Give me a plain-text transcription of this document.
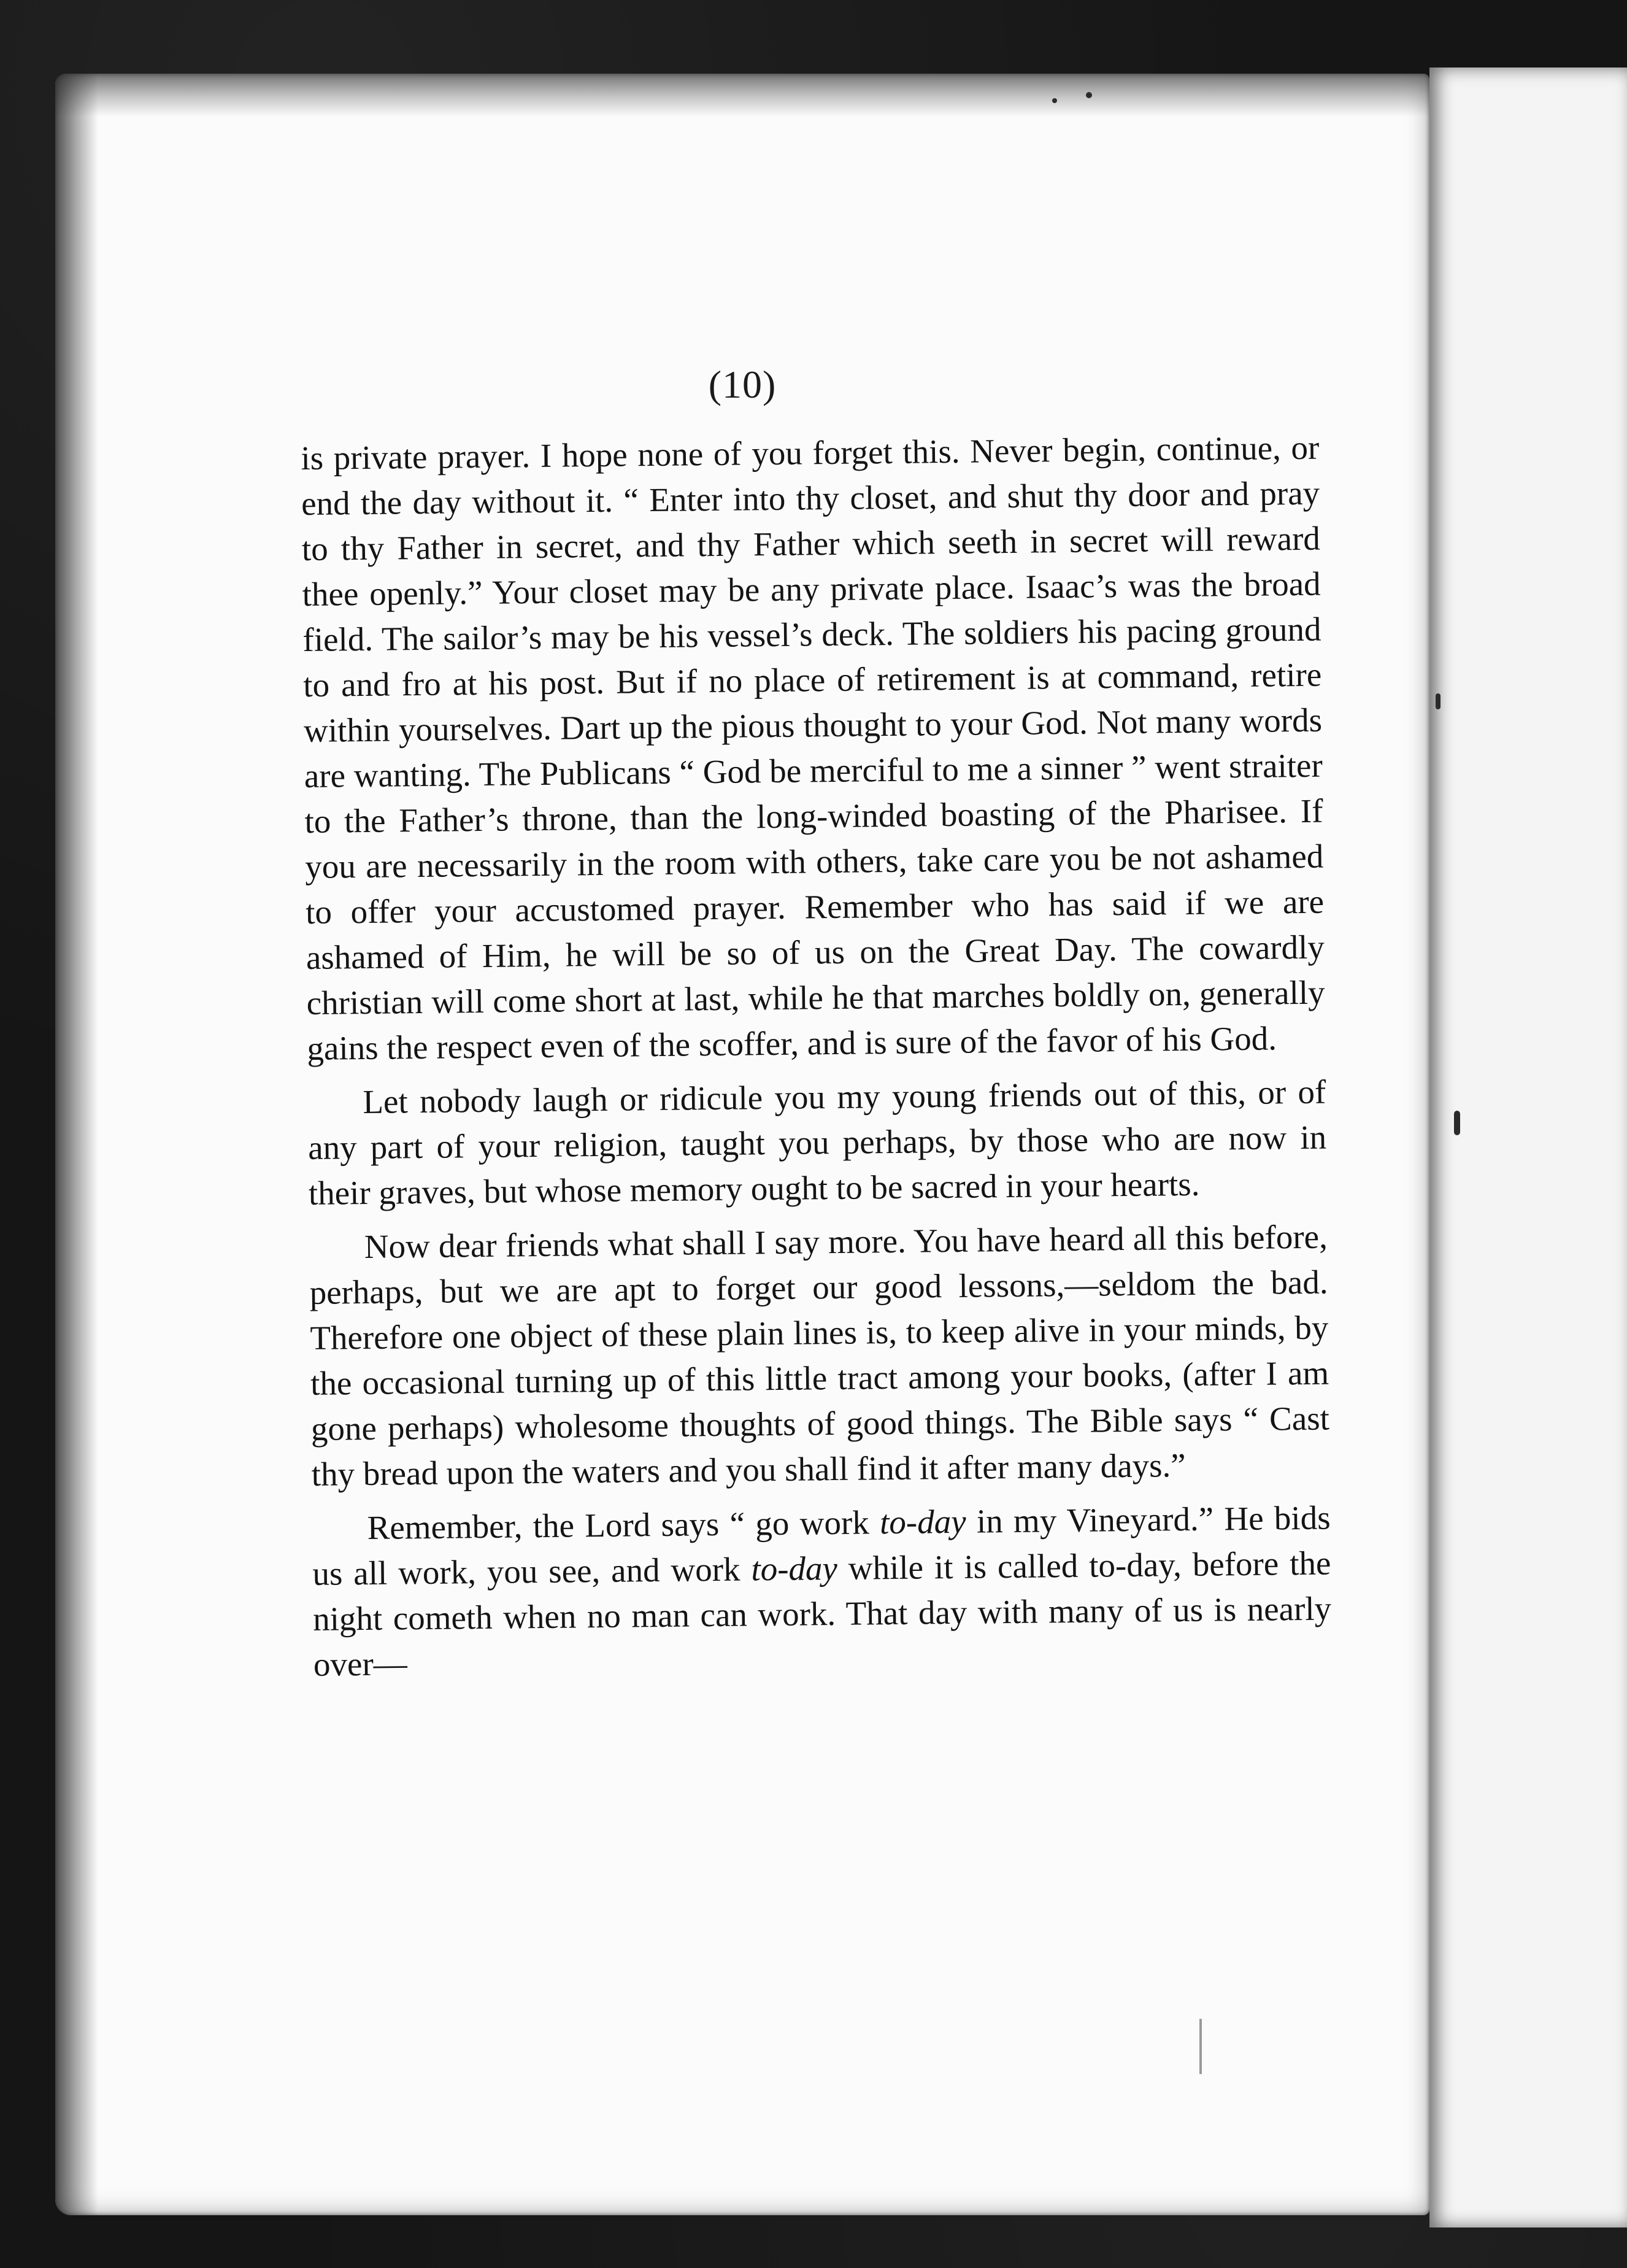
(10)

is private prayer. I hope none of you forget this. Never begin, continue, or end the day without it. “ Enter into thy closet, and shut thy door and pray to thy Father in secret, and thy Father which seeth in secret will reward thee openly.” Your closet may be any private place. Isaac’s was the broad field. The sailor’s may be his vessel’s deck. The soldiers his pacing ground to and fro at his post. But if no place of retirement is at command, retire within yourselves. Dart up the pious thought to your God. Not many words are wanting. The Publicans “ God be merciful to me a sinner ” went straiter to the Father’s throne, than the long-winded boasting of the Pharisee. If you are necessarily in the room with others, take care you be not ashamed to offer your accustomed prayer. Remember who has said if we are ashamed of Him, he will be so of us on the Great Day. The cowardly christian will come short at last, while he that marches boldly on, generally gains the respect even of the scoffer, and is sure of the favor of his God.

Let nobody laugh or ridicule you my young friends out of this, or of any part of your religion, taught you perhaps, by those who are now in their graves, but whose memory ought to be sacred in your hearts.

Now dear friends what shall I say more. You have heard all this before, perhaps, but we are apt to forget our good lessons,—seldom the bad. Therefore one object of these plain lines is, to keep alive in your minds, by the occasional turning up of this little tract among your books, (after I am gone perhaps) wholesome thoughts of good things. The Bible says “ Cast thy bread upon the waters and you shall find it after many days.”

Remember, the Lord says “ go work to-day in my Vineyard.” He bids us all work, you see, and work to-day while it is called to-day, before the night cometh when no man can work. That day with many of us is nearly over—
